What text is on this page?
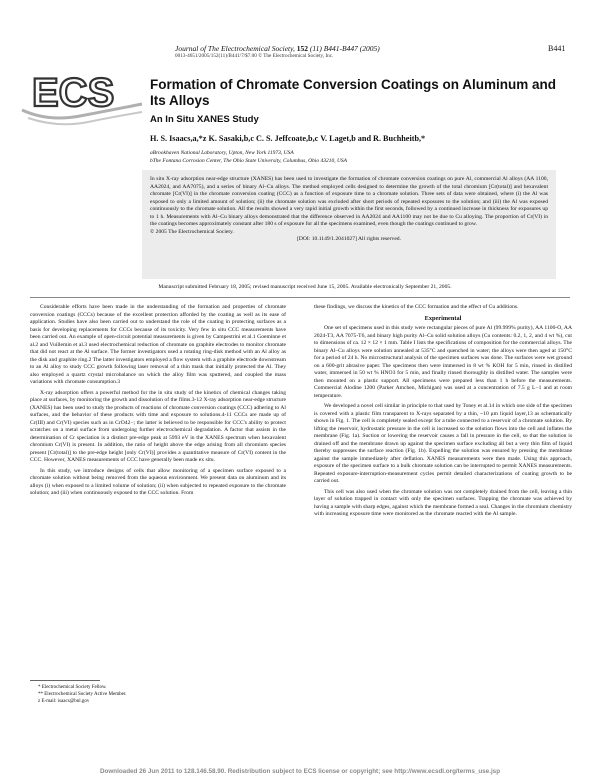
Journal of The Electrochemical Society, 152 (11) B441-B447 (2005)
0013-4651/2005/152(11)/B441/7/$7.00 © The Electrochemical Society, Inc.
B441
ECS	Formation of Chromate Conversion Coatings on Aluminum and Its Alloys
An In Situ XANES Study
H. S. Isaacs,a,*z K. Sasaki,b,c C. S. Jeffcoate,b,c V. Laget,b and R. Buchheitb,*
aBrookhaven National Laboratory, Upton, New York 11973, USA
bThe Fontana Corrosion Center, The Ohio State University, Columbus, Ohio 43210, USA
In situ X-ray adsorption near-edge structure (XANES) has been used to investigate the formation of chromate conversion coatings on pure Al, commercial Al alloys (AA 1100, AA2024, and AA7075), and a series of binary Al–Cu alloys. The method employed cells designed to determine the growth of the total chromium [Cr(total)] and hexavalent chromate [Cr(VI)] in the chromate conversion coating (CCC) as a function of exposure time to a chromate solution. Three sets of data were obtained, where (i) the Al was exposed to only a limited amount of solution; (ii) the chromate solution was excluded after short periods of repeated exposures to the solution; and (iii) the Al was exposed continuously to the chromate solution. All the results showed a very rapid initial growth within the first seconds, followed by a continued increase in thickness for exposures up to 1 h. Measurements with Al–Cu binary alloys demonstrated that the difference observed in AA2024 and AA1100 may not be due to Cu alloying. The proportion of Cr(VI) in the coatings becomes approximately constant after 180 s of exposure for all the specimens examined, even though the coatings continued to grow.
© 2005 The Electrochemical Society.
[DOI: 10.1149/1.2041027] All rights reserved.
Manuscript submitted February 18, 2005; revised manuscript received June 15, 2005. Available electronically September 21, 2005.

Considerable efforts have been made in the understanding of the formation and properties of chromate conversion coatings (CCCs) because of the excellent protection afforded by the coating as well as its ease of application. Studies have also been carried out to understand the role of the coating in protecting surfaces as a basis for developing replacements for CCCs because of its toxicity. Very few in situ CCC measurements have been carried out. An example of open-circuit potential measurements is given by Campestrini et al.1 Goeminne et al.2 and Vuillemin et al.3 used electrochemical reduction of chromate on graphite electrodes to monitor chromate that did not react at the Al surface. The former investigators used a rotating ring-disk method with an Al alloy as the disk and graphite ring.2 The latter investigators employed a flow system with a graphite electrode downstream to an Al alloy to study CCC growth following laser removal of a thin mask that initially protected the Al. They also employed a quartz crystal microbalance on which the alloy film was sputtered, and coupled the mass variations with chromate consumption.3

X-ray adsorption offers a powerful method for the in situ study of the kinetics of chemical changes taking place at surfaces, by monitoring the growth and dissolution of the films.3-12 X-ray adsorption near-edge structure (XANES) has been used to study the products of reactions of chromate conversion coatings (CCC) adhering to Al surfaces, and the behavior of these products with time and exposure to solutions.4-11 CCCs are made up of Cr(III) and Cr(VI) species such as in CrO42−; the latter is believed to be responsible for CCC's ability to protect scratches on a metal surface from undergoing further electrochemical degradation. A factor that assists in the determination of Cr speciation is a distinct pre-edge peak at 5993 eV in the XANES spectrum when hexavalent chromium Cr(VI) is present. In addition, the ratio of height above the edge arising from all chromium species present [Cr(total)] to the pre-edge height [only Cr(VI)] provides a quantitative measure of Cr(VI) content in the CCC. However, XANES measurements of CCC have generally been made ex situ.

In this study, we introduce designs of cells that allow monitoring of a specimen surface exposed to a chromate solution without being removed from the aqueous environment. We present data on aluminum and its alloys (i) when exposed to a limited volume of solution; (ii) when subjected to repeated exposure to the chromate solution; and (iii) when continuously exposed to the CCC solution. From

these findings, we discuss the kinetics of the CCC formation and the effect of Cu additions.

Experimental

One set of specimens used in this study were rectangular pieces of pure Al (99.999% purity), AA 1100-O, AA 2024-T3, AA 7075-T6, and binary high purity Al–Cu solid solution alloys (Cu contents: 0.2, 1, 2, and 4 wt %), cut to dimensions of ca. 12 × 12 × 1 mm. Table I lists the specifications of composition for the commercial alloys. The binary Al–Cu alloys were solution annealed at 535°C and quenched in water; the alloys were then aged at 150°C for a period of 24 h. No microstructural analysis of the specimen surfaces was done. The surfaces were wet ground on a 600-grit abrasive paper. The specimens then were immersed in 8 wt % KOH for 5 min, rinsed in distilled water, immersed in 50 wt % HNO3 for 5 min, and finally rinsed thoroughly in distilled water. The samples were then mounted on a plastic support. All specimens were prepared less than 1 h before the measurements. Commercial Alodine 1200 (Parker Amchen, Michigan) was used at a concentration of 7.5 g L−1 and at room temperature.

We developed a novel cell similar in principle to that used by Toney et al.14 in which one side of the specimen is covered with a plastic film transparent to X-rays separated by a thin, ~10 μm liquid layer,13 as schematically shown in Fig. 1. The cell is completely sealed except for a tube connected to a reservoir of a chromate solution. By lifting the reservoir, hydrostatic pressure in the cell is increased so the solution flows into the cell and inflates the membrane (Fig. 1a). Suction or lowering the reservoir causes a fall in pressure in the cell, so that the solution is drained off and the membrane drawn up against the specimen surface excluding all but a very thin film of liquid thereby suppresses the surface reaction (Fig. 1b). Expelling the solution was ensured by pressing the membrane against the sample immediately after deflation. XANES measurements were then made. Using this approach, exposure of the specimen surface to a bulk chromate solution can be interrupted to permit XANES measurements. Repeated exposure-interruption-measurement cycles permit detailed characterizations of coating growth to be carried out.

This cell was also used when the chromate solution was not completely drained from the cell, leaving a thin layer of solution trapped in contact with only the specimen surfaces. Trapping the chromate was achieved by having a sample with sharp edges, against which the membrane formed a seal. Changes in the chromium chemistry with increasing exposure time were monitored as the chromate reacted with the Al sample.

* Electrochemical Society Fellow.
** Electrochemical Society Active Member.
z E-mail: isaacs@bnl.gov
Downloaded 26 Jun 2011 to 128.146.58.90. Redistribution subject to ECS license or copyright; see http://www.ecsdl.org/terms_use.jsp
